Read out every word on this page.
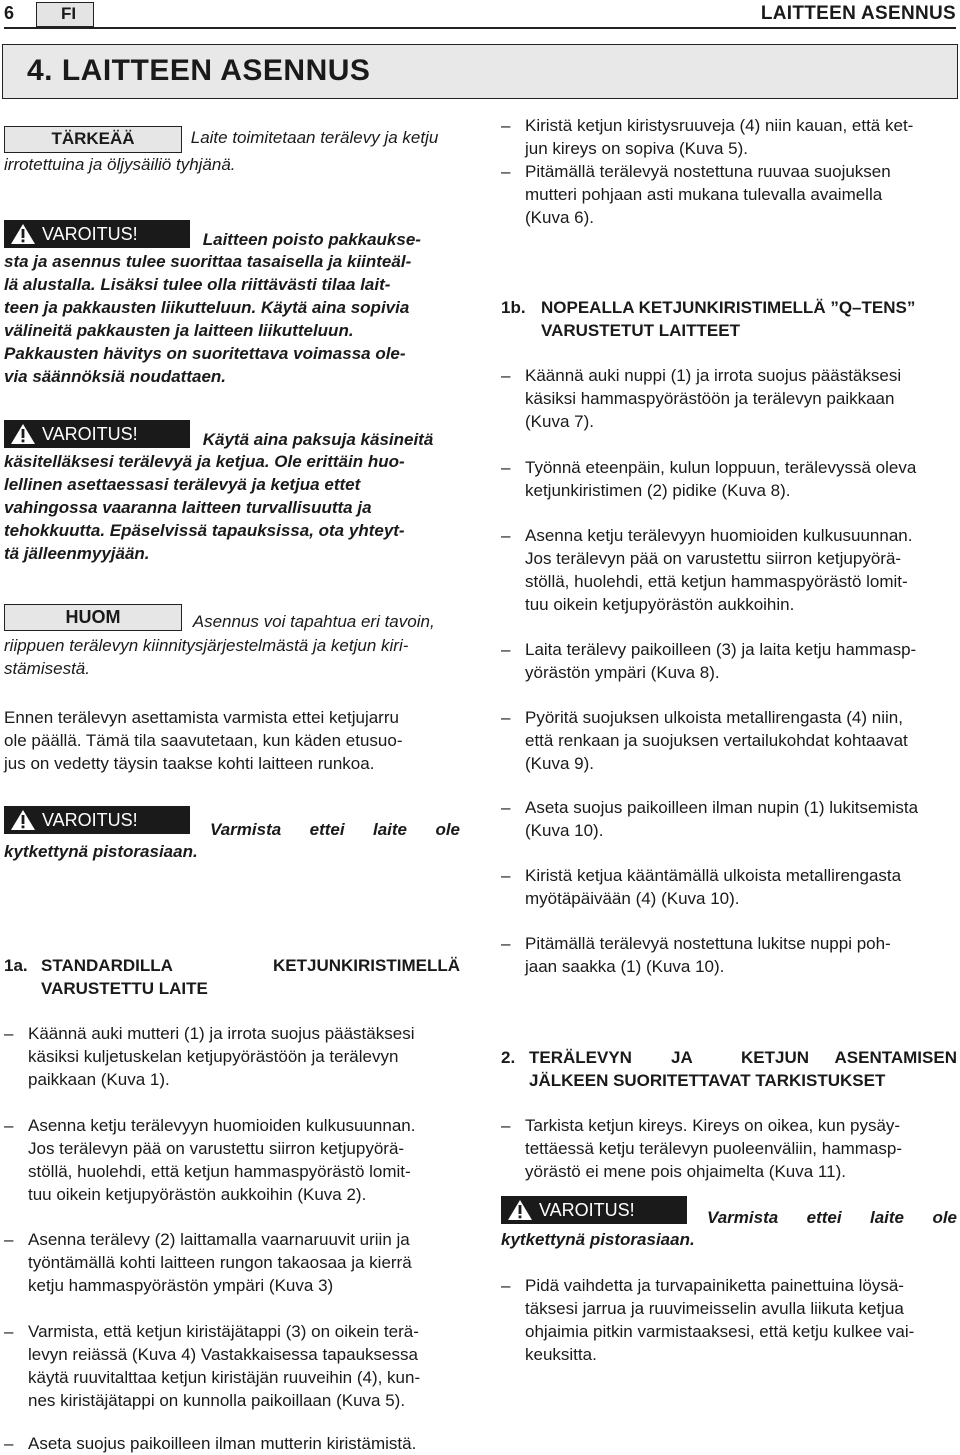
6	FI	LAITTEEN ASENNUS
4. LAITTEEN ASENNUS
TÄRKEÄÄ	Laite toimitetaan terälevy ja ketju
irrotettuina ja öljysäiliö tyhjänä.
VAROITUS!	Laitteen poisto pakkaukse-
sta ja asennus tulee suorittaa tasaisella ja kiinteäl-
lä alustalla. Lisäksi tulee olla riittävästi tilaa lait-
teen ja pakkausten liikutteluun. Käytä aina sopivia
välineitä pakkausten ja laitteen liikutteluun.
Pakkausten hävitys on suoritettava voimassa ole-
via säännöksiä noudattaen.
VAROITUS!	Käytä aina paksuja käsineitä
käsitelläksesi terälevyä ja ketjua. Ole erittäin huo-
lellinen asettaessasi terälevyä ja ketjua ettet
vahingossa vaaranna laitteen turvallisuutta ja
tehokkuutta. Epäselvissä tapauksissa, ota yhteyt-
tä jälleenmyyjään.
HUOM	Asennus voi tapahtua eri tavoin,
riippuen terälevyn kiinnitysjärjestelmästä ja ketjun kiri-
stämisestä.
Ennen terälevyn asettamista varmista ettei ketjujarru
ole päällä. Tämä tila saavutetaan, kun käden etusuo-
jus on vedetty täysin taakse kohti laitteen runkoa.
VAROITUS!	Varmista ettei laite ole
kytkettynä pistorasiaan.
1a. STANDARDILLA	KETJUNKIRISTIMELLÄ
VARUSTETTU LAITE
– Käännä auki mutteri (1) ja irrota suojus päästäksesi
käsiksi kuljetuskelan ketjupyörästöön ja terälevyn
paikkaan (Kuva 1).
– Asenna ketju terälevyyn huomioiden kulkusuunnan.
Jos terälevyn pää on varustettu siirron ketjupyörä-
stöllä, huolehdi, että ketjun hammaspyörästö lomit-
tuu oikein ketjupyörästön aukkoihin (Kuva 2).
– Asenna terälevy (2) laittamalla vaarnaruuvit uriin ja
työntämällä kohti laitteen rungon takaosaa ja kierrä
ketju hammaspyörästön ympäri (Kuva 3)
– Varmista, että ketjun kiristäjätappi (3) on oikein terä-
levyn reiässä (Kuva 4) Vastakkaisessa tapauksessa
käytä ruuvitalttaa ketjun kiristäjän ruuveihin (4), kun-
nes kiristäjätappi on kunnolla paikoillaan (Kuva 5).
– Aseta suojus paikoilleen ilman mutterin kiristämistä.
– Kiristä ketjun kiristysruuveja (4) niin kauan, että ket-
jun kireys on sopiva (Kuva 5).
– Pitämällä terälevyä nostettuna ruuvaa suojuksen
mutteri pohjaan asti mukana tulevalla avaimella
(Kuva 6).
1b. NOPEALLA KETJUNKIRISTIMELLÄ ”Q–TENS”
VARUSTETUT LAITTEET
– Käännä auki nuppi (1) ja irrota suojus päästäksesi
käsiksi hammaspyörästöön ja terälevyn paikkaan
(Kuva 7).
– Työnnä eteenpäin, kulun loppuun, terälevyssä oleva
ketjunkiristimen (2) pidike (Kuva 8).
– Asenna ketju terälevyyn huomioiden kulkusuunnan.
Jos terälevyn pää on varustettu siirron ketjupyörä-
stöllä, huolehdi, että ketjun hammaspyörästö lomit-
tuu oikein ketjupyörästön aukkoihin.
– Laita terälevy paikoilleen (3) ja laita ketju hammasp-
yörästön ympäri (Kuva 8).
– Pyöritä suojuksen ulkoista metallirengasta (4) niin,
että renkaan ja suojuksen vertailukohdat kohtaavat
(Kuva 9).
– Aseta suojus paikoilleen ilman nupin (1) lukitsemista
(Kuva 10).
– Kiristä ketjua kääntämällä ulkoista metallirengasta
myötäpäivään (4) (Kuva 10).
– Pitämällä terälevyä nostettuna lukitse nuppi poh-
jaan saakka (1) (Kuva 10).
2. TERÄLEVYN JA	KETJUN ASENTAMISEN
JÄLKEEN SUORITETTAVAT TARKISTUKSET
– Tarkista ketjun kireys. Kireys on oikea, kun pysäy-
tettäessä ketju terälevyn puoleenväliin, hammasp-
yörästö ei mene pois ohjaimelta (Kuva 11).
VAROITUS!	Varmista ettei laite ole
kytkettynä pistorasiaan.
– Pidä vaihdetta ja turvapainiketta painettuina löysä-
täksesi jarrua ja ruuvimeisselin avulla liikuta ketjua
ohjaimia pitkin varmistaaksesi, että ketju kulkee vai-
keuksitta.
